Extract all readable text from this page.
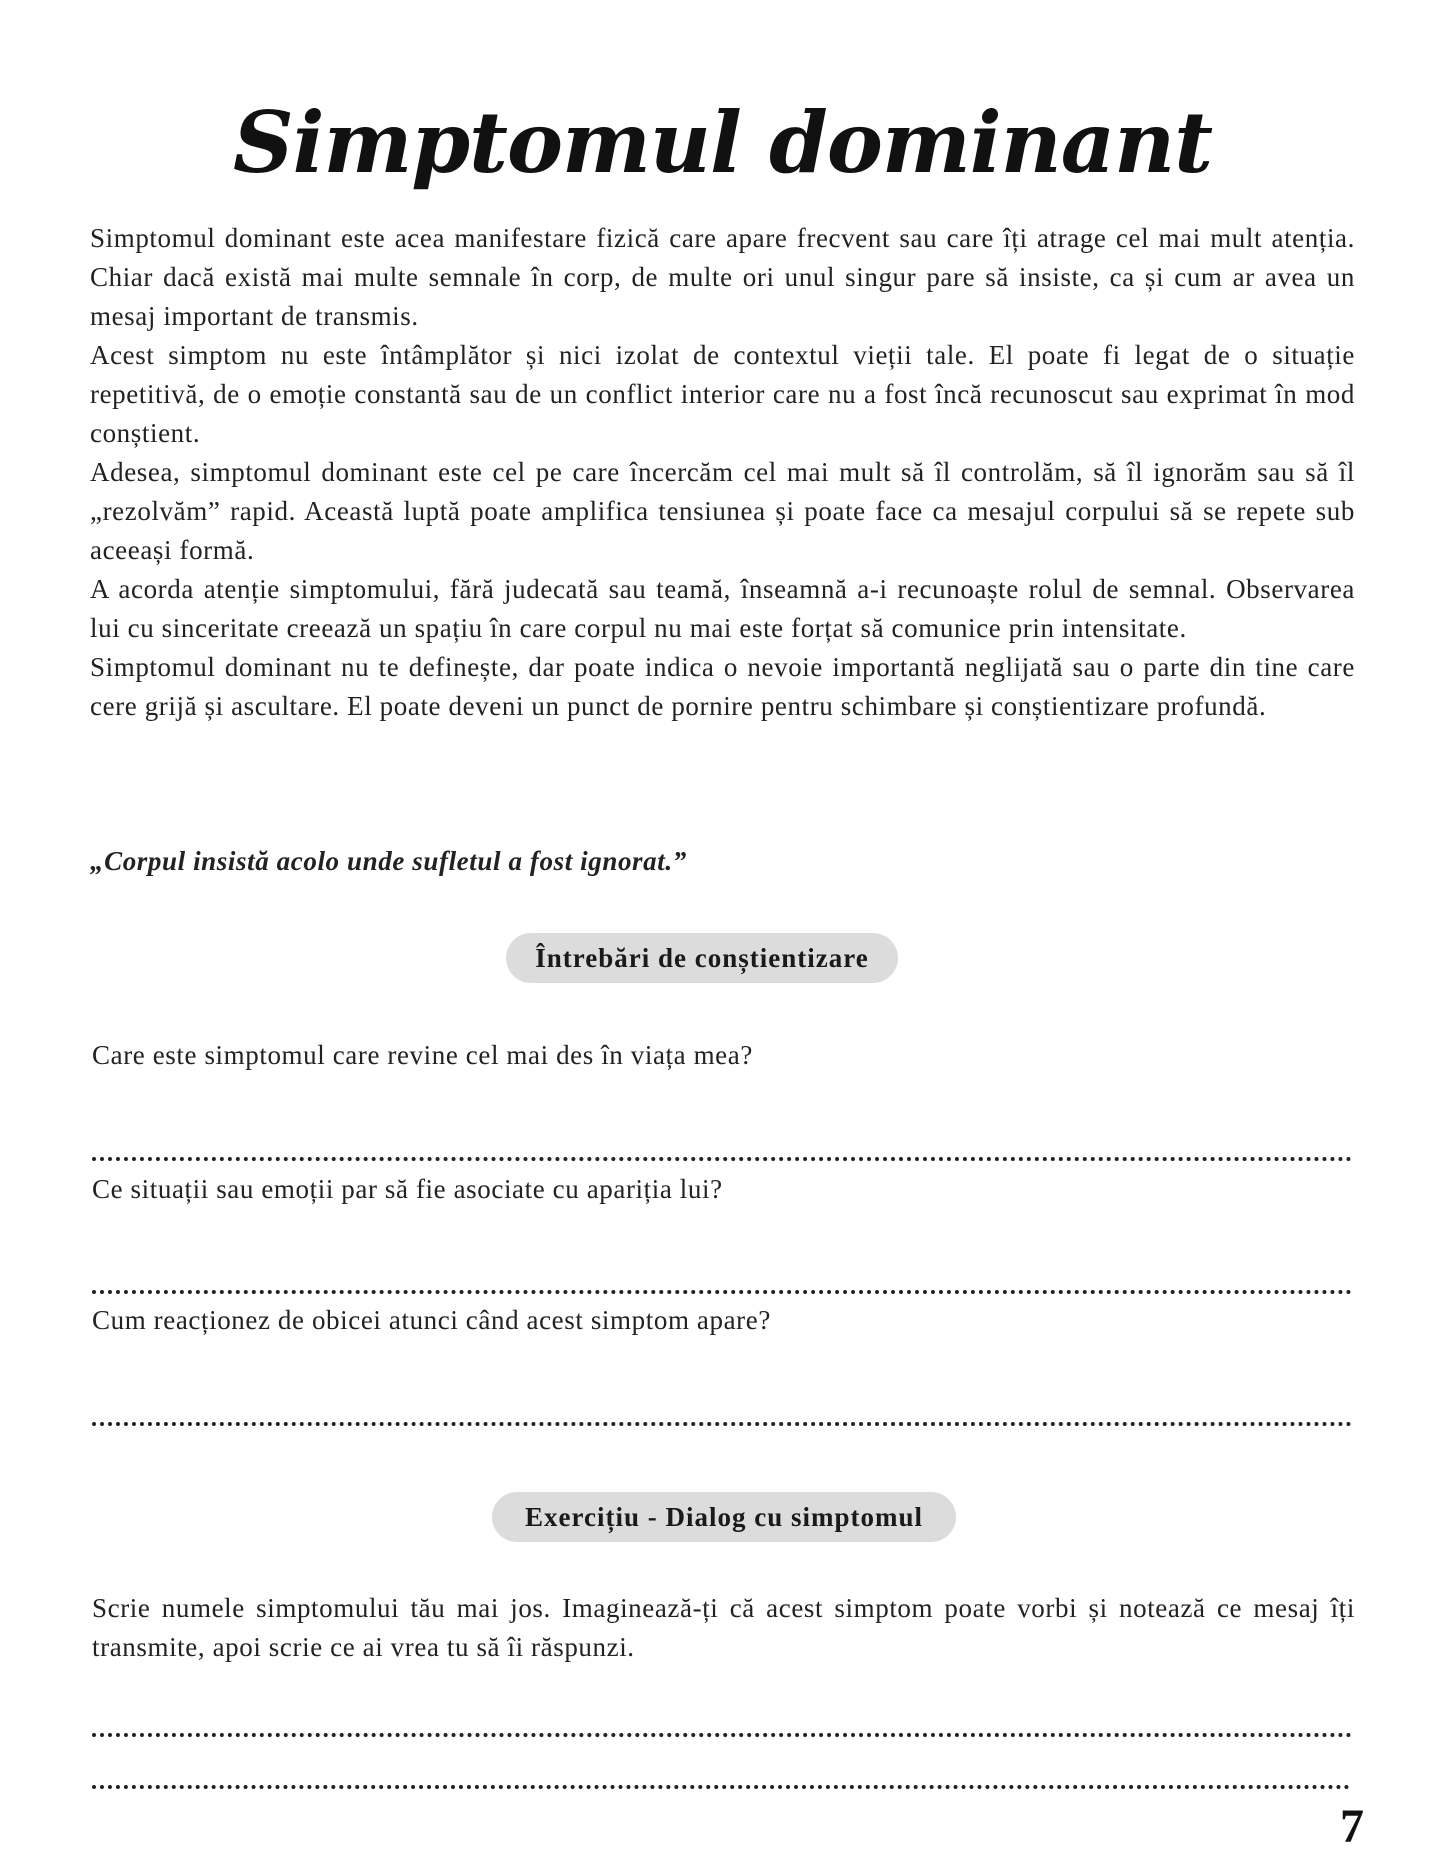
Simptomul dominant

Simptomul dominant este acea manifestare fizică care apare frecvent sau care îți atrage cel mai mult atenția. Chiar dacă există mai multe semnale în corp, de multe ori unul singur pare să insiste, ca și cum ar avea un mesaj important de transmis.

Acest simptom nu este întâmplător și nici izolat de contextul vieții tale. El poate fi legat de o situație repetitivă, de o emoție constantă sau de un conflict interior care nu a fost încă recunoscut sau exprimat în mod conștient.

Adesea, simptomul dominant este cel pe care încercăm cel mai mult să îl controlăm, să îl ignorăm sau să îl „rezolvăm” rapid. Această luptă poate amplifica tensiunea și poate face ca mesajul corpului să se repete sub aceeași formă.

A acorda atenție simptomului, fără judecată sau teamă, înseamnă a-i recunoaște rolul de semnal. Observarea lui cu sinceritate creează un spațiu în care corpul nu mai este forțat să comunice prin intensitate.

Simptomul dominant nu te definește, dar poate indica o nevoie importantă neglijată sau o parte din tine care cere grijă și ascultare. El poate deveni un punct de pornire pentru schimbare și conștientizare profundă.

„Corpul insistă acolo unde sufletul a fost ignorat.”
Întrebări de conștientizare
Care este simptomul care revine cel mai des în viața mea?
Ce situații sau emoții par să fie asociate cu apariția lui?
Cum reacționez de obicei atunci când acest simptom apare?
Exercițiu - Dialog cu simptomul
Scrie numele simptomului tău mai jos. Imaginează-ți că acest simptom poate vorbi și notează ce mesaj îți transmite, apoi scrie ce ai vrea tu să îi răspunzi.
7
